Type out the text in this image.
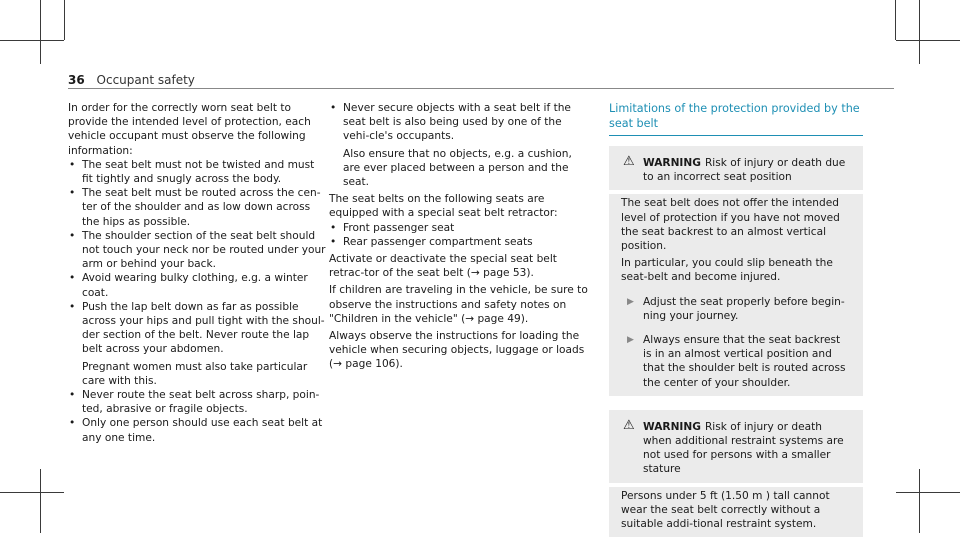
36 Occupant safety

In order for the correctly worn seat belt to provide the intended level of protection, each vehicle occupant must observe the following information:

• The seat belt must not be twisted and must fit tightly and snugly across the body.

• The seat belt must be routed across the cen-ter of the shoulder and as low down across the hips as possible.

• The shoulder section of the seat belt should not touch your neck nor be routed under your arm or behind your back.

• Avoid wearing bulky clothing, e.g. a winter coat.

• Push the lap belt down as far as possible across your hips and pull tight with the shoul-der section of the belt. Never route the lap belt across your abdomen.

Pregnant women must also take particular care with this.

• Never route the seat belt across sharp, poin-ted, abrasive or fragile objects.

• Only one person should use each seat belt at any one time.

• Never secure objects with a seat belt if the seat belt is also being used by one of the vehi-cle's occupants.

Also ensure that no objects, e.g. a cushion, are ever placed between a person and the seat.

The seat belts on the following seats are equipped with a special seat belt retractor:

• Front passenger seat

• Rear passenger compartment seats

Activate or deactivate the special seat belt retrac-tor of the seat belt (→ page 53).

If children are traveling in the vehicle, be sure to observe the instructions and safety notes on "Children in the vehicle" (→ page 49).

Always observe the instructions for loading the vehicle when securing objects, luggage or loads (→ page 106).

Limitations of the protection provided by the seat belt
⚠ WARNING Risk of injury or death due to an incorrect seat position

The seat belt does not offer the intended level of protection if you have not moved the seat backrest to an almost vertical position.

In particular, you could slip beneath the seat-belt and become injured.

▶ Adjust the seat properly before begin-ning your journey.

▶ Always ensure that the seat backrest is in an almost vertical position and that the shoulder belt is routed across the center of your shoulder.

⚠ WARNING Risk of injury or death when additional restraint systems are not used for persons with a smaller stature

Persons under 5 ft (1.50 m ) tall cannot wear the seat belt correctly without a suitable addi-tional restraint system.
